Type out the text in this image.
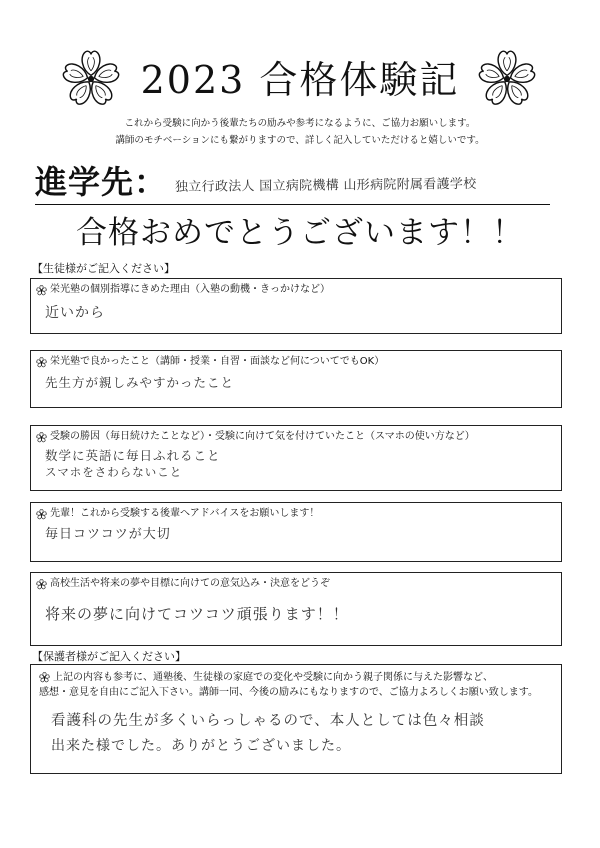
2023 合格体験記
これから受験に向かう後輩たちの励みや参考になるように、ご協力お願いします。
講師のモチベーションにも繋がりますので、詳しく記入していただけると嬉しいです。
進学先： 独立行政法人 国立病院機構 山形病院附属看護学校
合格おめでとうございます！！
【生徒様がご記入ください】
栄光塾の個別指導にきめた理由（入塾の動機・きっかけなど）
近いから
栄光塾で良かったこと（講師・授業・自習・面談など何についてでもOK）
先生方が親しみやすかったこと
受験の勝因（毎日続けたことなど）・受験に向けて気を付けていたこと（スマホの使い方など）
数学に英語に毎日ふれること
スマホをさわらないこと
先輩！これから受験する後輩へアドバイスをお願いします！
毎日コツコツが大切
高校生活や将来の夢や目標に向けての意気込み・決意をどうぞ
将来の夢に向けてコツコツ頑張ります！！
【保護者様がご記入ください】
上記の内容も参考に、通塾後、生徒様の家庭での変化や受験に向かう親子関係に与えた影響など、
感想・意見を自由にご記入下さい。講師一同、今後の励みにもなりますので、ご協力よろしくお願い致します。
看護科の先生が多くいらっしゃるので、本人としては色々相談
出来た様でした。ありがとうございました。
